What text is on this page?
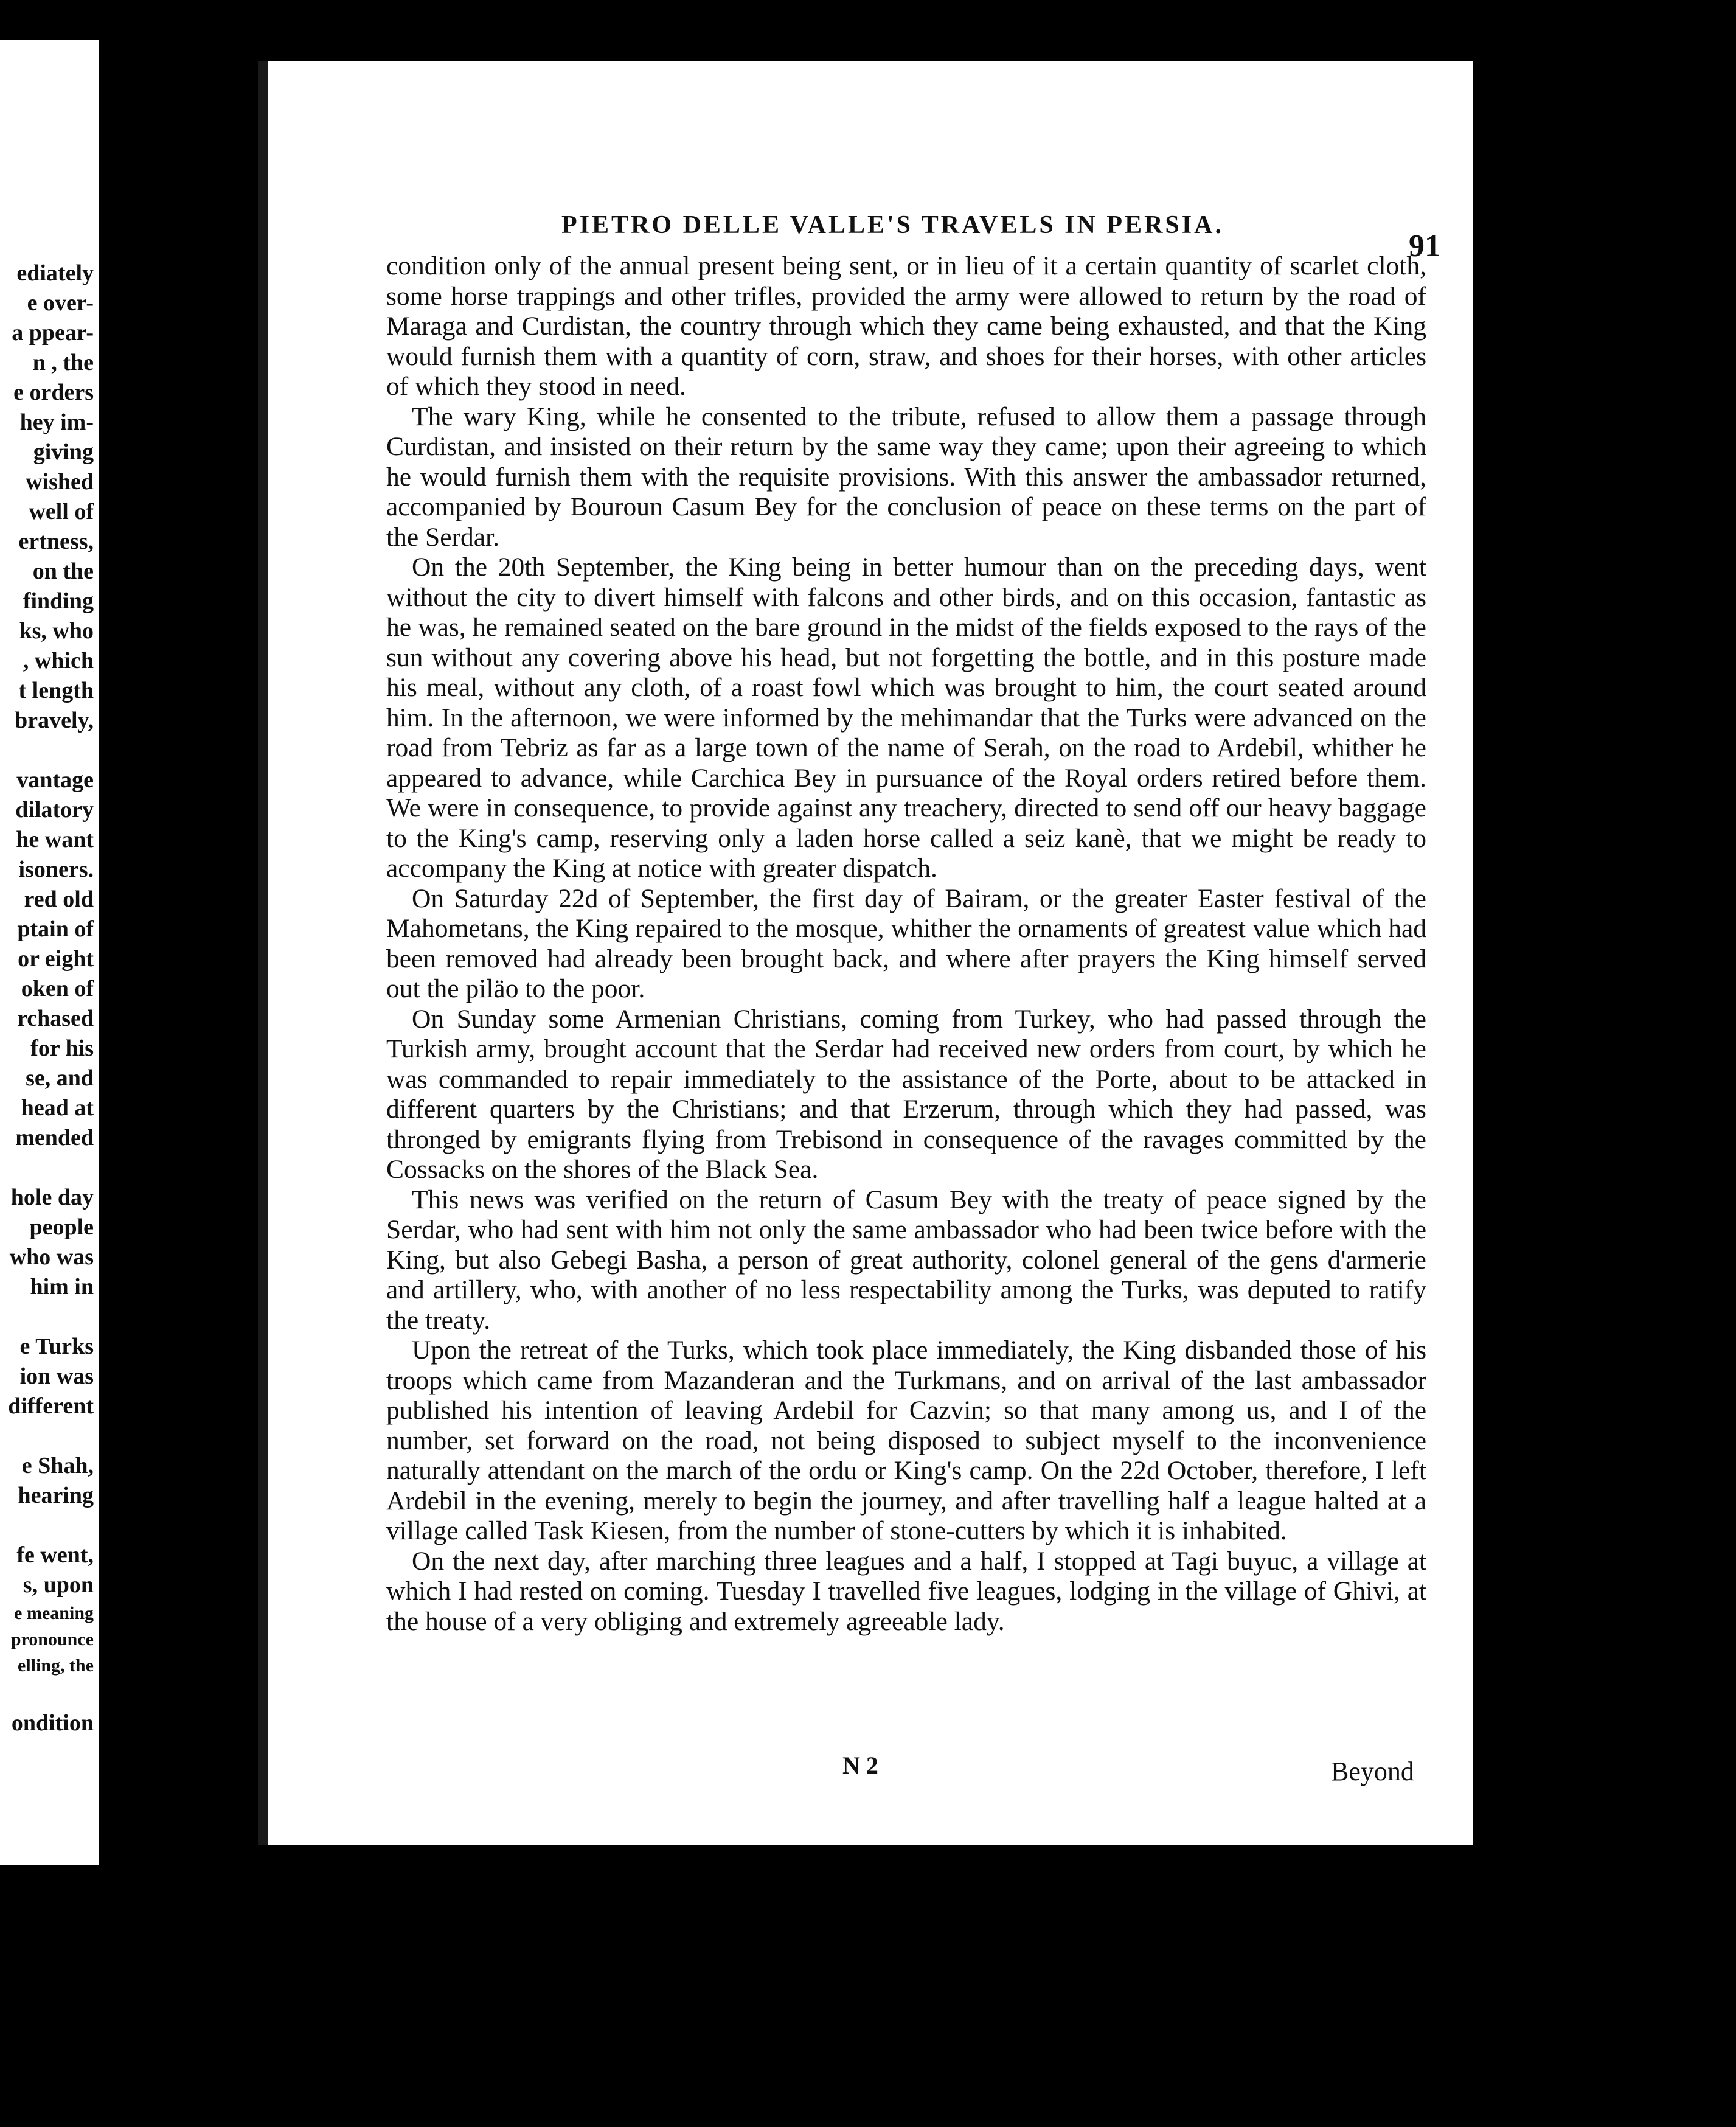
ediately
e over-
a ppear-
n , the
e orders
hey im-
giving
wished
well of
ertness,
on the
finding
ks, who
, which
t length
bravely,

vantage
dilatory
he want
isoners.
red old
ptain of
or eight
oken of
rchased
for his
se, and
head at
mended

hole day
people
who was
him in

e Turks
ion was
different

e Shah,
hearing

fe went,
s, upon
e meaning
pronounce
elling, the

ondition
PIETRO DELLE VALLE'S TRAVELS IN PERSIA.
91

condition only of the annual present being sent, or in lieu of it a certain quantity of scarlet cloth, some horse trappings and other trifles, provided the army were allowed to return by the road of Maraga and Curdistan, the country through which they came being exhausted, and that the King would furnish them with a quantity of corn, straw, and shoes for their horses, with other articles of which they stood in need.

The wary King, while he consented to the tribute, refused to allow them a passage through Curdistan, and insisted on their return by the same way they came; upon their agreeing to which he would furnish them with the requisite provisions. With this answer the ambassador returned, accompanied by Bouroun Casum Bey for the conclusion of peace on these terms on the part of the Serdar.

On the 20th September, the King being in better humour than on the preceding days, went without the city to divert himself with falcons and other birds, and on this occasion, fantastic as he was, he remained seated on the bare ground in the midst of the fields exposed to the rays of the sun without any covering above his head, but not forgetting the bottle, and in this posture made his meal, without any cloth, of a roast fowl which was brought to him, the court seated around him. In the afternoon, we were informed by the mehimandar that the Turks were advanced on the road from Tebriz as far as a large town of the name of Serah, on the road to Ardebil, whither he appeared to advance, while Carchica Bey in pursuance of the Royal orders retired before them. We were in consequence, to provide against any treachery, directed to send off our heavy baggage to the King's camp, reserving only a laden horse called a seiz kanè, that we might be ready to accompany the King at notice with greater dispatch.

On Saturday 22d of September, the first day of Bairam, or the greater Easter festival of the Mahometans, the King repaired to the mosque, whither the ornaments of greatest value which had been removed had already been brought back, and where after prayers the King himself served out the piläo to the poor.

On Sunday some Armenian Christians, coming from Turkey, who had passed through the Turkish army, brought account that the Serdar had received new orders from court, by which he was commanded to repair immediately to the assistance of the Porte, about to be attacked in different quarters by the Christians; and that Erzerum, through which they had passed, was thronged by emigrants flying from Trebisond in consequence of the ravages committed by the Cossacks on the shores of the Black Sea.

This news was verified on the return of Casum Bey with the treaty of peace signed by the Serdar, who had sent with him not only the same ambassador who had been twice before with the King, but also Gebegi Basha, a person of great authority, colonel general of the gens d'armerie and artillery, who, with another of no less respectability among the Turks, was deputed to ratify the treaty.

Upon the retreat of the Turks, which took place immediately, the King disbanded those of his troops which came from Mazanderan and the Turkmans, and on arrival of the last ambassador published his intention of leaving Ardebil for Cazvin; so that many among us, and I of the number, set forward on the road, not being disposed to subject myself to the inconvenience naturally attendant on the march of the ordu or King's camp. On the 22d October, therefore, I left Ardebil in the evening, merely to begin the journey, and after travelling half a league halted at a village called Task Kiesen, from the number of stone-cutters by which it is inhabited.

On the next day, after marching three leagues and a half, I stopped at Tagi buyuc, a village at which I had rested on coming. Tuesday I travelled five leagues, lodging in the village of Ghivi, at the house of a very obliging and extremely agreeable lady.

N 2	Beyond
